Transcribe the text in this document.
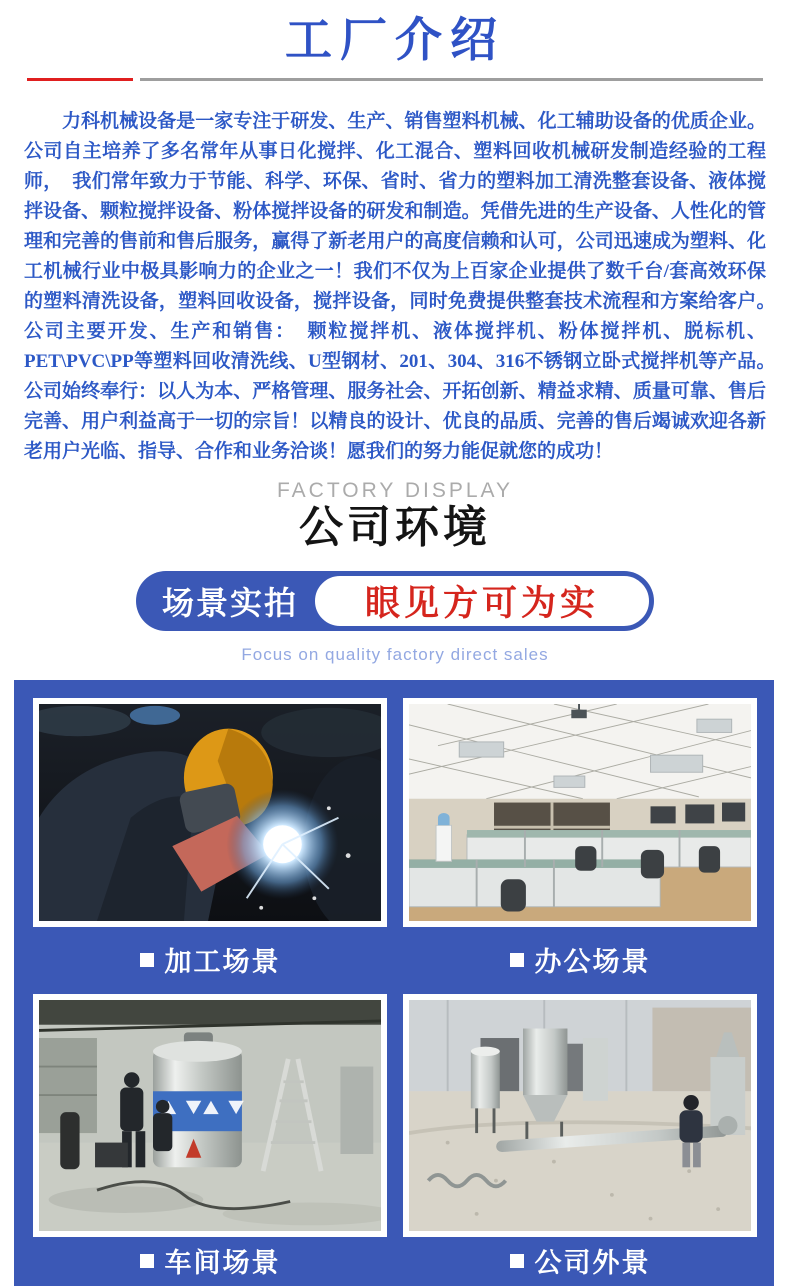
工厂介绍

力科机械设备是一家专注于研发、生产、销售塑料机械、化工辅助设备的优质企业。公司自主培养了多名常年从事日化搅拌、化工混合、塑料回收机械研发制造经验的工程师，　我们常年致力于节能、科学、环保、省时、省力的塑料加工清洗整套设备、液体搅拌设备、颗粒搅拌设备、粉体搅拌设备的研发和制造。凭借先进的生产设备、人性化的管理和完善的售前和售后服务，赢得了新老用户的高度信赖和认可，公司迅速成为塑料、化工机械行业中极具影响力的企业之一！我们不仅为上百家企业提供了数千台/套高效环保的塑料清洗设备，塑料回收设备，搅拌设备，同时免费提供整套技术流程和方案给客户。　公司主要开发、生产和销售：　颗粒搅拌机、液体搅拌机、粉体搅拌机、脱标机、PET\PVC\PP等塑料回收清洗线、U型钢材、201、304、316不锈钢立卧式搅拌机等产品。　公司始终奉行：以人为本、严格管理、服务社会、开拓创新、精益求精、质量可靠、售后完善、用户利益高于一切的宗旨！以精良的设计、优良的品质、完善的售后竭诚欢迎各新老用户光临、指导、合作和业务洽谈！愿我们的努力能促就您的成功！

FACTORY DISPLAY
公司环境
场景实拍	眼见方可为实
Focus on quality factory direct sales
加工场景	办公场景
车间场景	公司外景
